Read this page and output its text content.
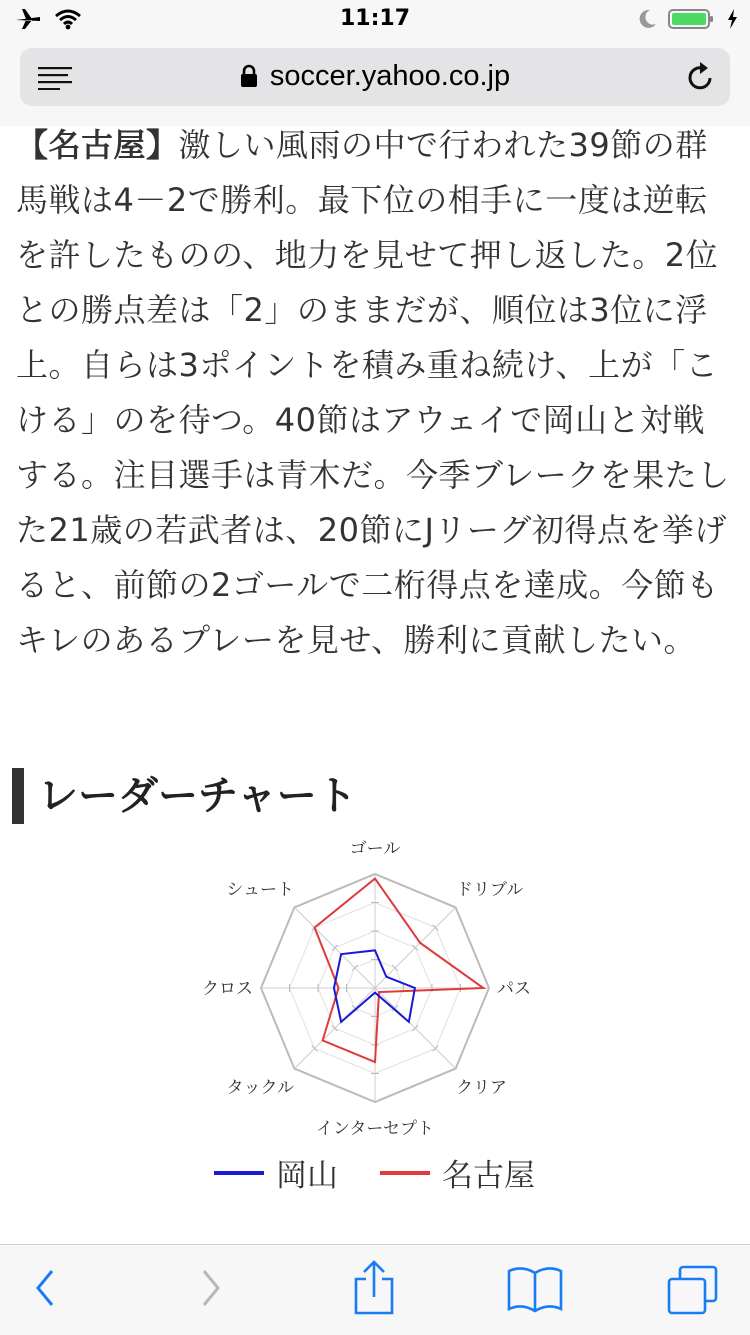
11:17
soccer.yahoo.co.jp
【名古屋】激しい風雨の中で行われた39節の群馬戦は4－2で勝利。最下位の相手に一度は逆転を許したものの、地力を見せて押し返した。2位との勝点差は「2」のままだが、順位は3位に浮上。自らは3ポイントを積み重ね続け、上が「こける」のを待つ。40節はアウェイで岡山と対戦する。注目選手は青木だ。今季ブレークを果たした21歳の若武者は、20節にJリーグ初得点を挙げると、前節の2ゴールで二桁得点を達成。今節もキレのあるプレーを見せ、勝利に貢献したい。
レーダーチャート
ゴール
ドリブル
パス
クリア
インターセプト
タックル
クロス
シュート
岡山	名古屋
